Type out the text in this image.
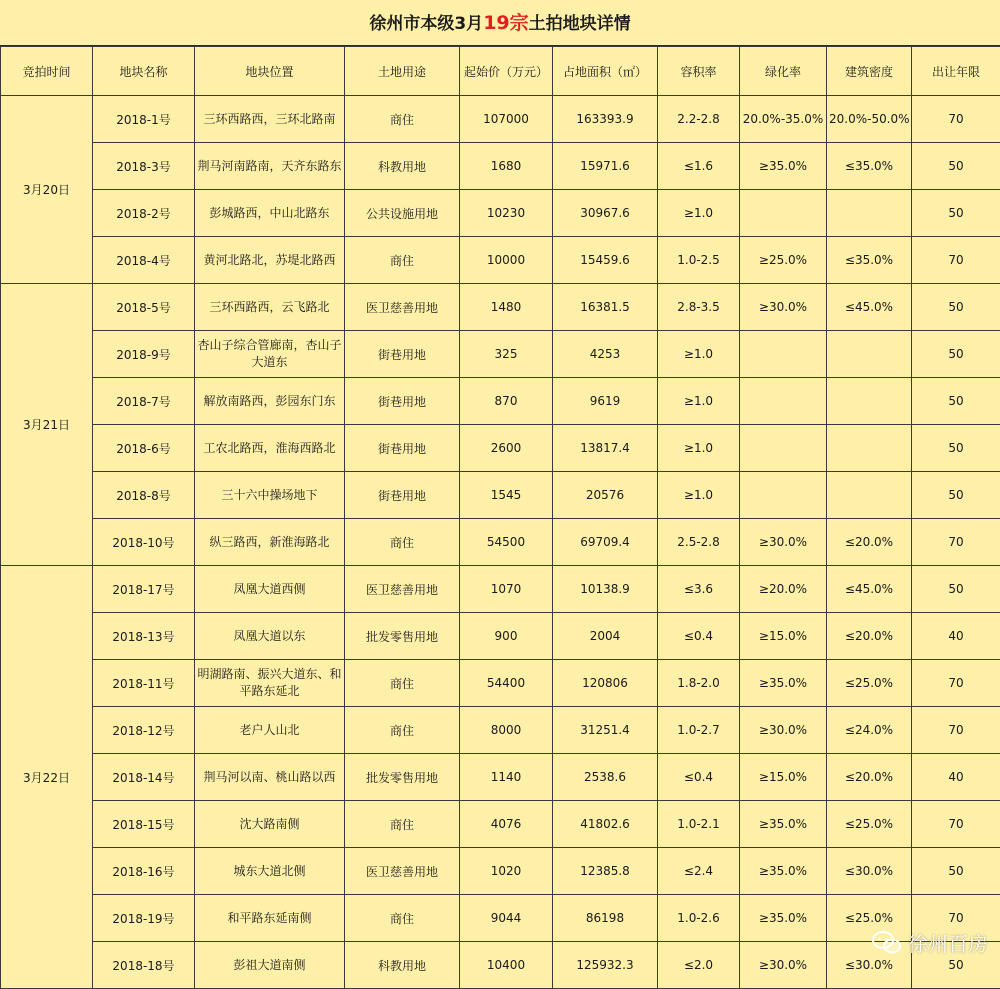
徐州市本级3月19宗土拍地块详情
竞拍时间	地块名称	地块位置	土地用途	起始价（万元）	占地面积（㎡）	容积率	绿化率	建筑密度	出让年限
3月20日	2018-1号	三环西路西，三环北路南	商住	107000	163393.9	2.2-2.8	20.0%-35.0%	20.0%-50.0%	70
	2018-3号	荆马河南路南，天齐东路东	科教用地	1680	15971.6	≤1.6	≥35.0%	≤35.0%	50
	2018-2号	彭城路西，中山北路东	公共设施用地	10230	30967.6	≥1.0			50
	2018-4号	黄河北路北，苏堤北路西	商住	10000	15459.6	1.0-2.5	≥25.0%	≤35.0%	70
3月21日	2018-5号	三环西路西，云飞路北	医卫慈善用地	1480	16381.5	2.8-3.5	≥30.0%	≤45.0%	50
	2018-9号	杏山子综合管廊南，杏山子大道东	街巷用地	325	4253	≥1.0			50
	2018-7号	解放南路西，彭园东门东	街巷用地	870	9619	≥1.0			50
	2018-6号	工农北路西，淮海西路北	街巷用地	2600	13817.4	≥1.0			50
	2018-8号	三十六中操场地下	街巷用地	1545	20576	≥1.0			50
	2018-10号	纵三路西，新淮海路北	商住	54500	69709.4	2.5-2.8	≥30.0%	≤20.0%	70
3月22日	2018-17号	凤凰大道西侧	医卫慈善用地	1070	10138.9	≤3.6	≥20.0%	≤45.0%	50
	2018-13号	凤凰大道以东	批发零售用地	900	2004	≤0.4	≥15.0%	≤20.0%	40
	2018-11号	明湖路南、振兴大道东、和平路东延北	商住	54400	120806	1.8-2.0	≥35.0%	≤25.0%	70
	2018-12号	老户人山北	商住	8000	31251.4	1.0-2.7	≥30.0%	≤24.0%	70
	2018-14号	荆马河以南、桃山路以西	批发零售用地	1140	2538.6	≤0.4	≥15.0%	≤20.0%	40
	2018-15号	沈大路南侧	商住	4076	41802.6	1.0-2.1	≥35.0%	≤25.0%	70
	2018-16号	城东大道北侧	医卫慈善用地	1020	12385.8	≤2.4	≥35.0%	≤30.0%	50
	2018-19号	和平路东延南侧	商住	9044	86198	1.0-2.6	≥35.0%	≤25.0%	70
	2018-18号	彭祖大道南侧	科教用地	10400	125932.3	≤2.0	≥30.0%	≤30.0%	50
徐州百房
